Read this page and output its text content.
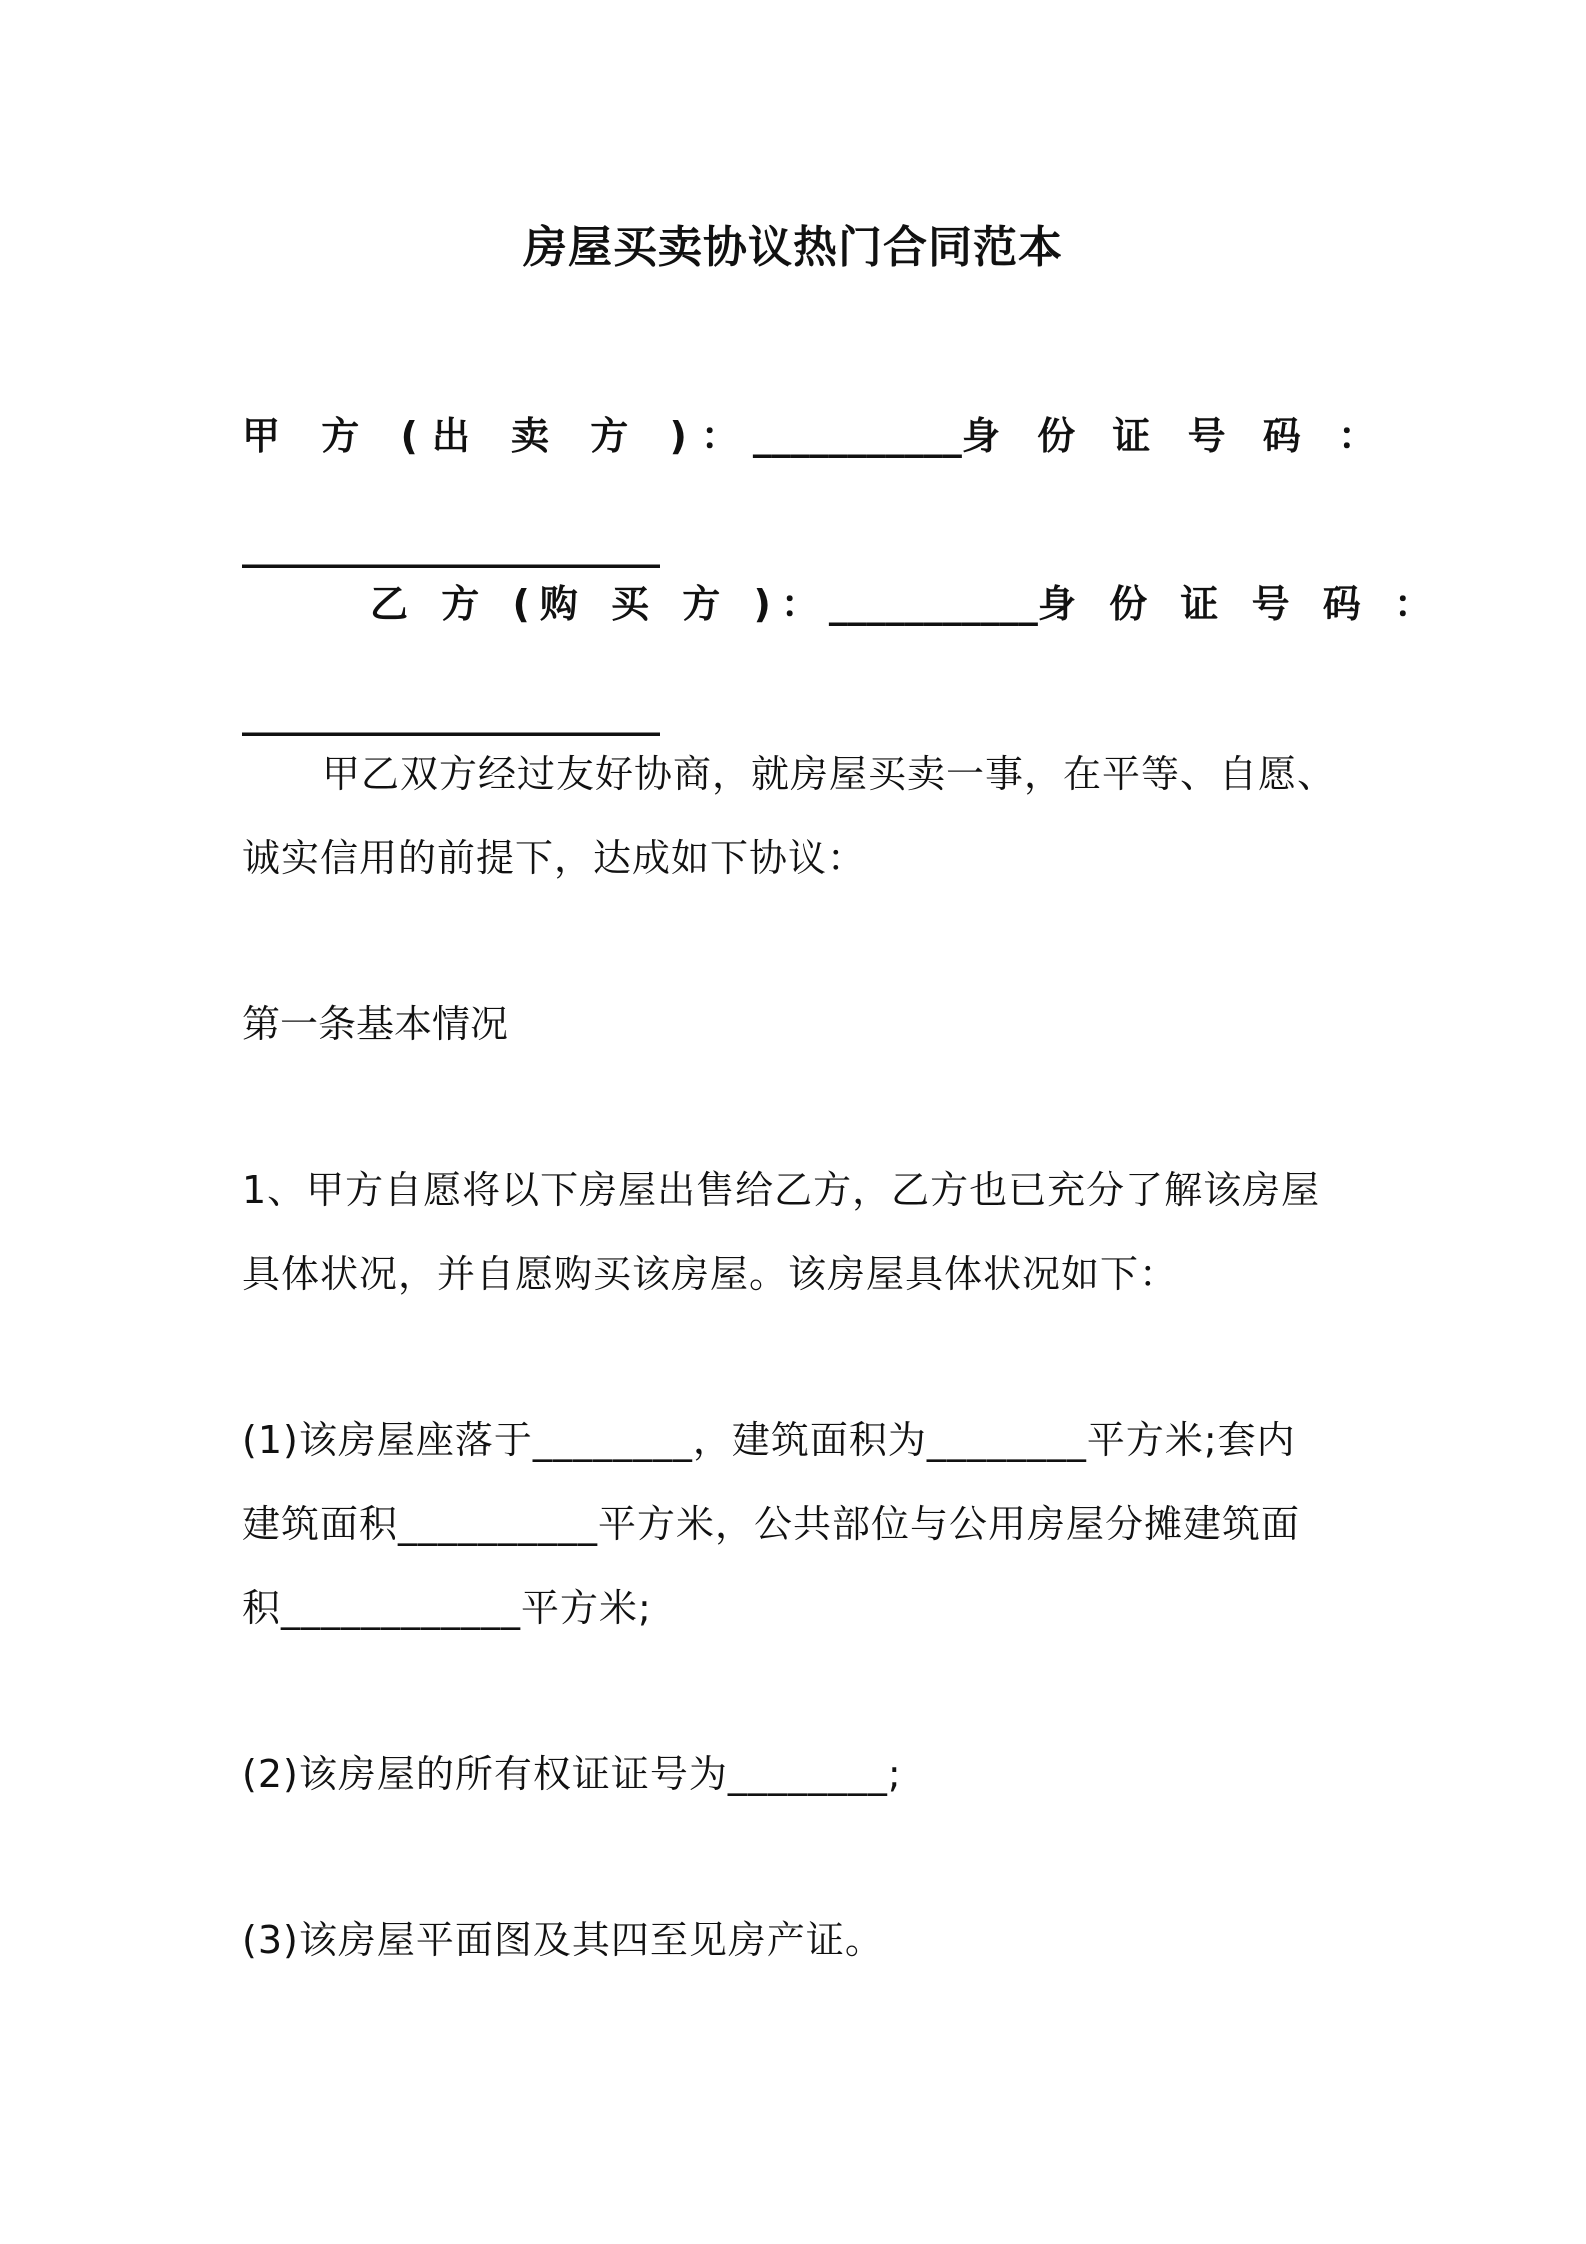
房屋买卖协议热门合同范本
甲 方 (出 卖 方 )： ___________ 身 份 证 号 码 ：
______________________
乙 方 (购 买 方 )： ___________ 身 份 证 号 码 ：
______________________
甲乙双方经过友好协商，就房屋买卖一事，在平等、自愿、
诚实信用的前提下，达成如下协议：
第一条基本情况
1、甲方自愿将以下房屋出售给乙方，乙方也已充分了解该房屋
具体状况，并自愿购买该房屋。该房屋具体状况如下：
(1)该房屋座落于________，建筑面积为________平方米;套内
建筑面积__________平方米，公共部位与公用房屋分摊建筑面
积____________平方米;
(2)该房屋的所有权证证号为________;
(3)该房屋平面图及其四至见房产证。
